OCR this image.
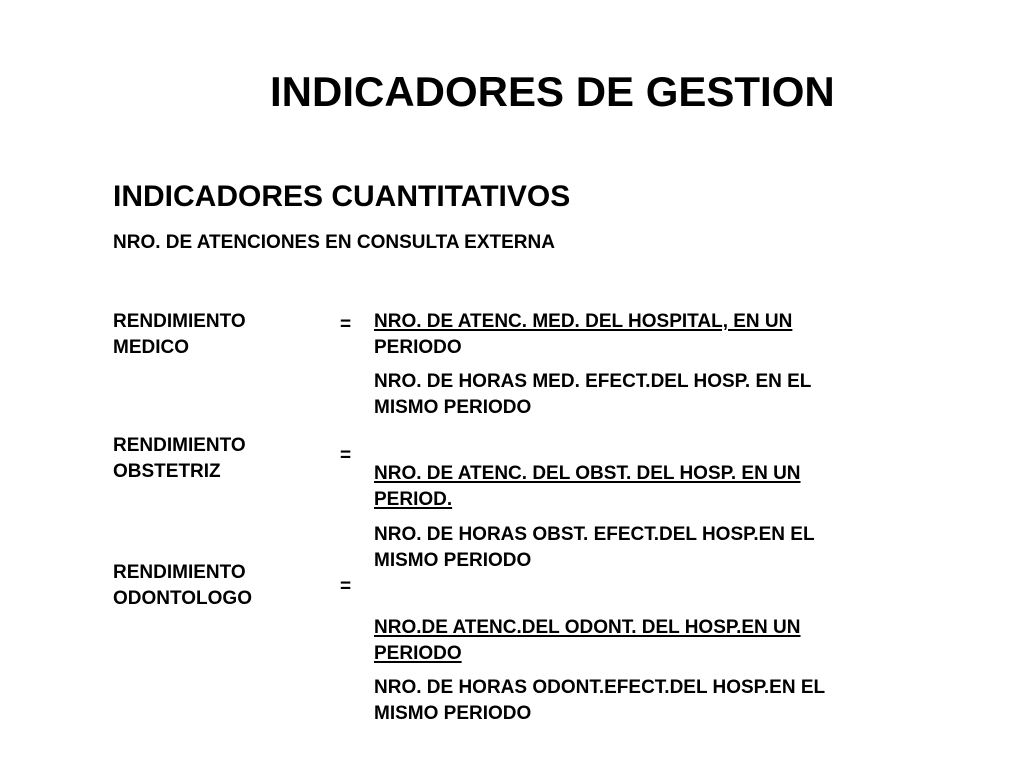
INDICADORES DE GESTION
INDICADORES CUANTITATIVOS
NRO. DE ATENCIONES EN CONSULTA EXTERNA
RENDIMIENTO
MEDICO
= NRO. DE ATENC. MED. DEL HOSPITAL, EN UN
PERIODO
NRO. DE HORAS MED. EFECT.DEL HOSP. EN EL
MISMO PERIODO
RENDIMIENTO
OBSTETRIZ
=
NRO. DE ATENC. DEL OBST. DEL HOSP. EN UN
PERIOD.
NRO. DE HORAS OBST. EFECT.DEL HOSP.EN EL
MISMO PERIODO
RENDIMIENTO
ODONTOLOGO
=
NRO.DE ATENC.DEL ODONT. DEL HOSP.EN UN
PERIODO
NRO. DE HORAS ODONT.EFECT.DEL HOSP.EN EL
MISMO PERIODO
